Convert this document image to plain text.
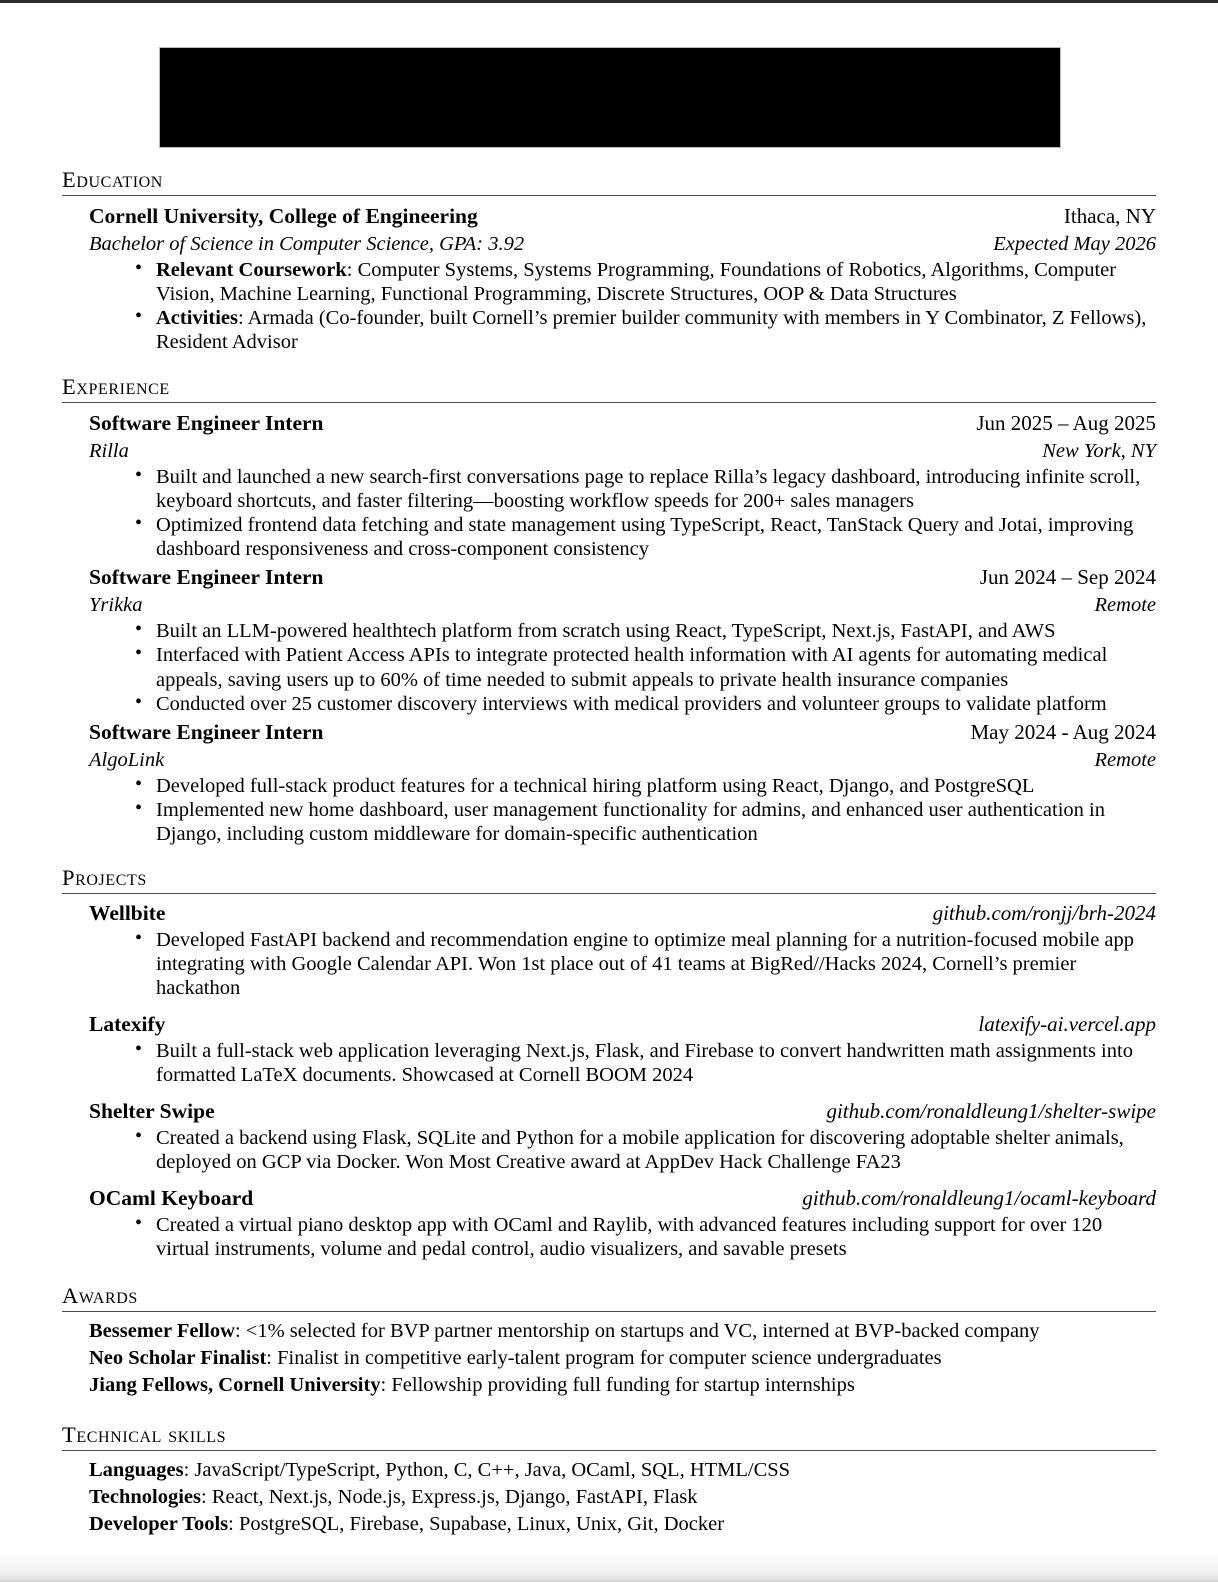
Education
Cornell University, College of Engineering	Ithaca, NY
Bachelor of Science in Computer Science, GPA: 3.92	Expected May 2026
• Relevant Coursework: Computer Systems, Systems Programming, Foundations of Robotics, Algorithms, Computer Vision, Machine Learning, Functional Programming, Discrete Structures, OOP & Data Structures
• Activities: Armada (Co-founder, built Cornell’s premier builder community with members in Y Combinator, Z Fellows), Resident Advisor
Experience
Software Engineer Intern	Jun 2025 – Aug 2025
Rilla	New York, NY
• Built and launched a new search-first conversations page to replace Rilla’s legacy dashboard, introducing infinite scroll, keyboard shortcuts, and faster filtering—boosting workflow speeds for 200+ sales managers
• Optimized frontend data fetching and state management using TypeScript, React, TanStack Query and Jotai, improving dashboard responsiveness and cross-component consistency
Software Engineer Intern	Jun 2024 – Sep 2024
Yrikka	Remote
• Built an LLM-powered healthtech platform from scratch using React, TypeScript, Next.js, FastAPI, and AWS
• Interfaced with Patient Access APIs to integrate protected health information with AI agents for automating medical appeals, saving users up to 60% of time needed to submit appeals to private health insurance companies
• Conducted over 25 customer discovery interviews with medical providers and volunteer groups to validate platform
Software Engineer Intern	May 2024 - Aug 2024
AlgoLink	Remote
• Developed full-stack product features for a technical hiring platform using React, Django, and PostgreSQL
• Implemented new home dashboard, user management functionality for admins, and enhanced user authentication in Django, including custom middleware for domain-specific authentication
Projects
Wellbite	github.com/ronjj/brh-2024
• Developed FastAPI backend and recommendation engine to optimize meal planning for a nutrition-focused mobile app integrating with Google Calendar API. Won 1st place out of 41 teams at BigRed//Hacks 2024, Cornell’s premier hackathon
Latexify	latexify-ai.vercel.app
• Built a full-stack web application leveraging Next.js, Flask, and Firebase to convert handwritten math assignments into formatted LaTeX documents. Showcased at Cornell BOOM 2024
Shelter Swipe	github.com/ronaldleung1/shelter-swipe
• Created a backend using Flask, SQLite and Python for a mobile application for discovering adoptable shelter animals, deployed on GCP via Docker. Won Most Creative award at AppDev Hack Challenge FA23
OCaml Keyboard	github.com/ronaldleung1/ocaml-keyboard
• Created a virtual piano desktop app with OCaml and Raylib, with advanced features including support for over 120 virtual instruments, volume and pedal control, audio visualizers, and savable presets
Awards
Bessemer Fellow: <1% selected for BVP partner mentorship on startups and VC, interned at BVP-backed company
Neo Scholar Finalist: Finalist in competitive early-talent program for computer science undergraduates
Jiang Fellows, Cornell University: Fellowship providing full funding for startup internships
Technical skills
Languages: JavaScript/TypeScript, Python, C, C++, Java, OCaml, SQL, HTML/CSS
Technologies: React, Next.js, Node.js, Express.js, Django, FastAPI, Flask
Developer Tools: PostgreSQL, Firebase, Supabase, Linux, Unix, Git, Docker
